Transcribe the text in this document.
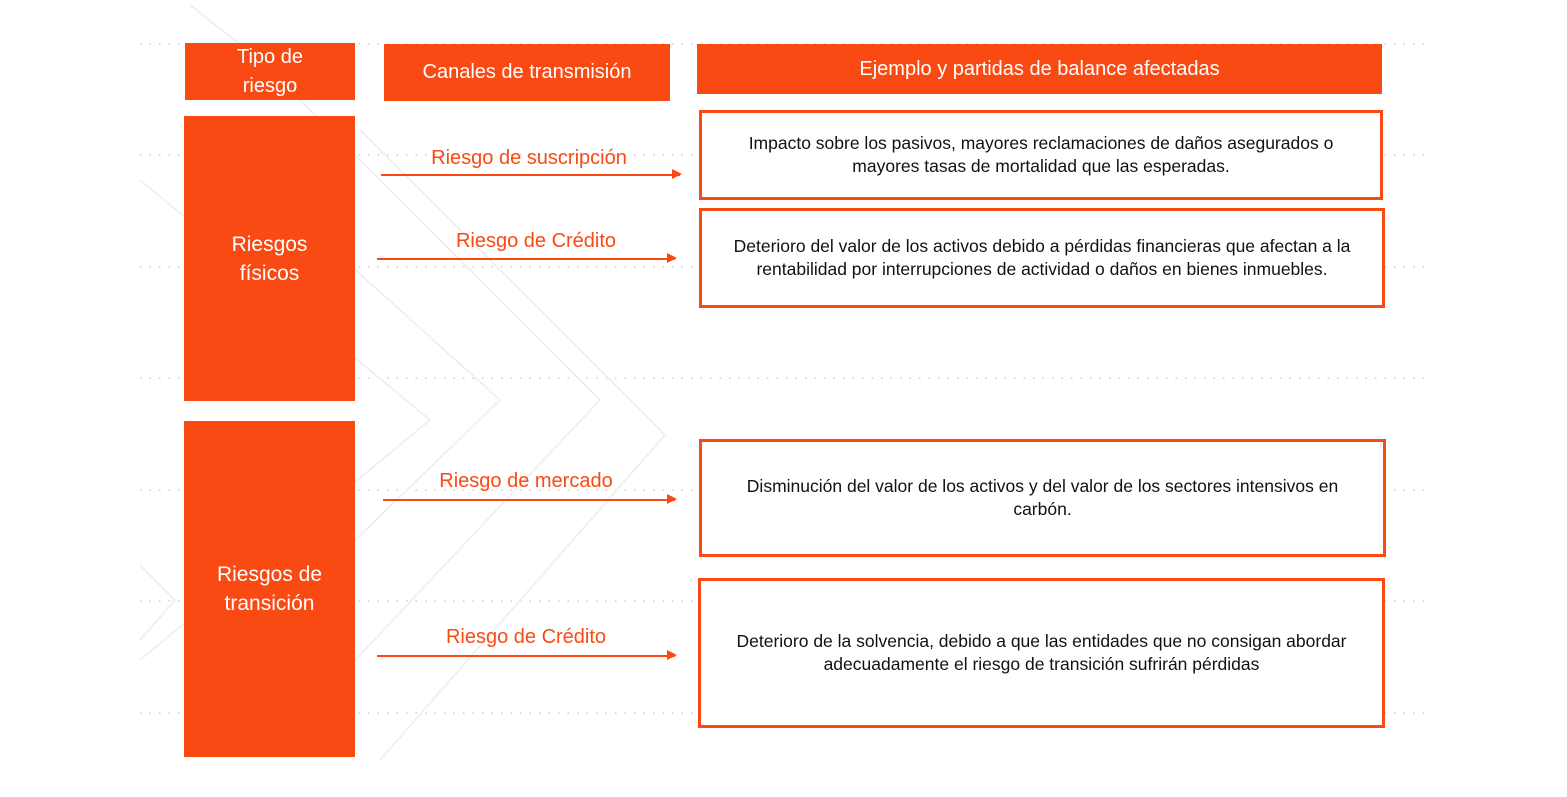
Tipo de riesgo
Canales de transmisión	Ejemplo y partidas de balance afectadas
Riesgos físicos
Riesgos de transición
Riesgo de suscripción
Riesgo de Crédito
Riesgo de mercado
Riesgo de Crédito
Impacto sobre los pasivos, mayores reclamaciones de daños asegurados o mayores tasas de mortalidad que las esperadas.
Deterioro del valor de los activos debido a pérdidas financieras que afectan a la rentabilidad por interrupciones de actividad o daños en bienes inmuebles.
Disminución del valor de los activos y del valor de los sectores intensivos en carbón.
Deterioro de la solvencia, debido a que las entidades que no consigan abordar adecuadamente el riesgo de transición sufrirán pérdidas
